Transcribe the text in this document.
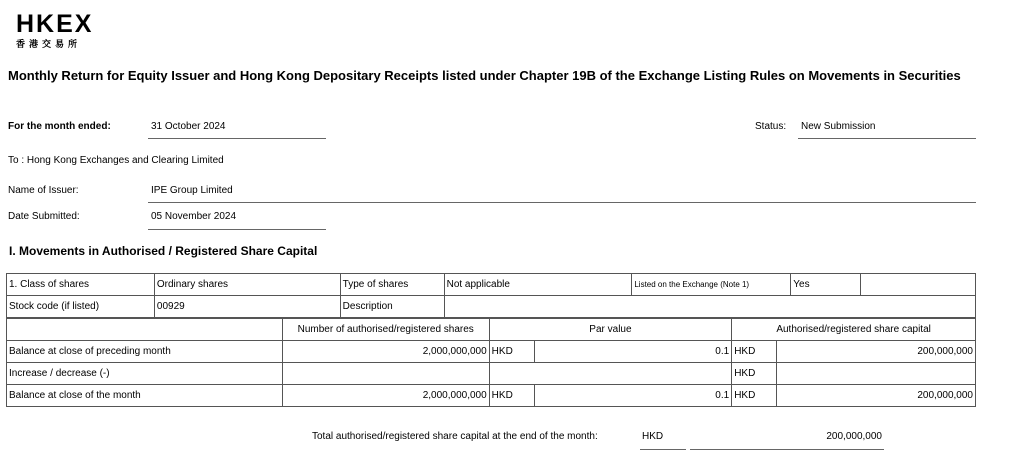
HKEX
香港交易所
Monthly Return for Equity Issuer and Hong Kong Depositary Receipts listed under Chapter 19B of the Exchange Listing Rules on Movements in Securities
For the month ended:	31 October 2024	Status: New Submission
To : Hong Kong Exchanges and Clearing Limited
Name of Issuer:	IPE Group Limited
Date Submitted:	05 November 2024
I. Movements in Authorised / Registered Share Capital
1. Class of shares	Ordinary shares	Type of shares	Not applicable	Listed on the Exchange (Note 1)	Yes	
Stock code (if listed)	00929	Description				
	Number of authorised/registered shares	Par value		Authorised/registered share capital	
Balance at close of preceding month	2,000,000,000	HKD	0.1	HKD	200,000,000
Increase / decrease (-)				HKD	
Balance at close of the month	2,000,000,000	HKD	0.1	HKD	200,000,000
Total authorised/registered share capital at the end of the month:	HKD	200,000,000
